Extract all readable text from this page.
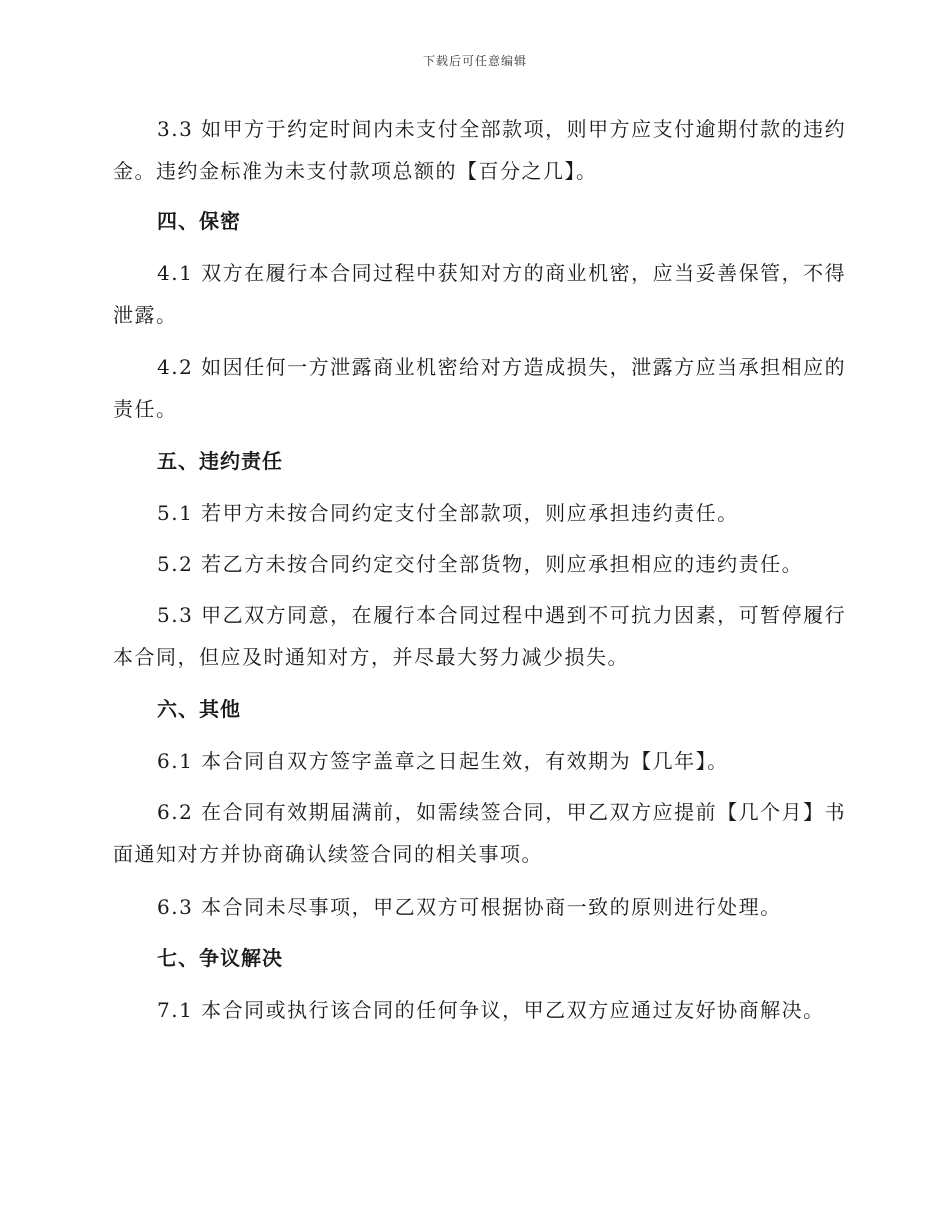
下载后可任意编辑
3.3 如甲方于约定时间内未支付全部款项，则甲方应支付逾期付款的违约
金。违约金标准为未支付款项总额的【百分之几】。
四、保密
4.1 双方在履行本合同过程中获知对方的商业机密，应当妥善保管，不得
泄露。
4.2 如因任何一方泄露商业机密给对方造成损失，泄露方应当承担相应的
责任。
五、违约责任
5.1 若甲方未按合同约定支付全部款项，则应承担违约责任。
5.2 若乙方未按合同约定交付全部货物，则应承担相应的违约责任。
5.3 甲乙双方同意，在履行本合同过程中遇到不可抗力因素，可暂停履行
本合同，但应及时通知对方，并尽最大努力减少损失。
六、其他
6.1 本合同自双方签字盖章之日起生效，有效期为【几年】。
6.2 在合同有效期届满前，如需续签合同，甲乙双方应提前【几个月】书
面通知对方并协商确认续签合同的相关事项。
6.3 本合同未尽事项，甲乙双方可根据协商一致的原则进行处理。
七、争议解决
7.1 本合同或执行该合同的任何争议，甲乙双方应通过友好协商解决。
